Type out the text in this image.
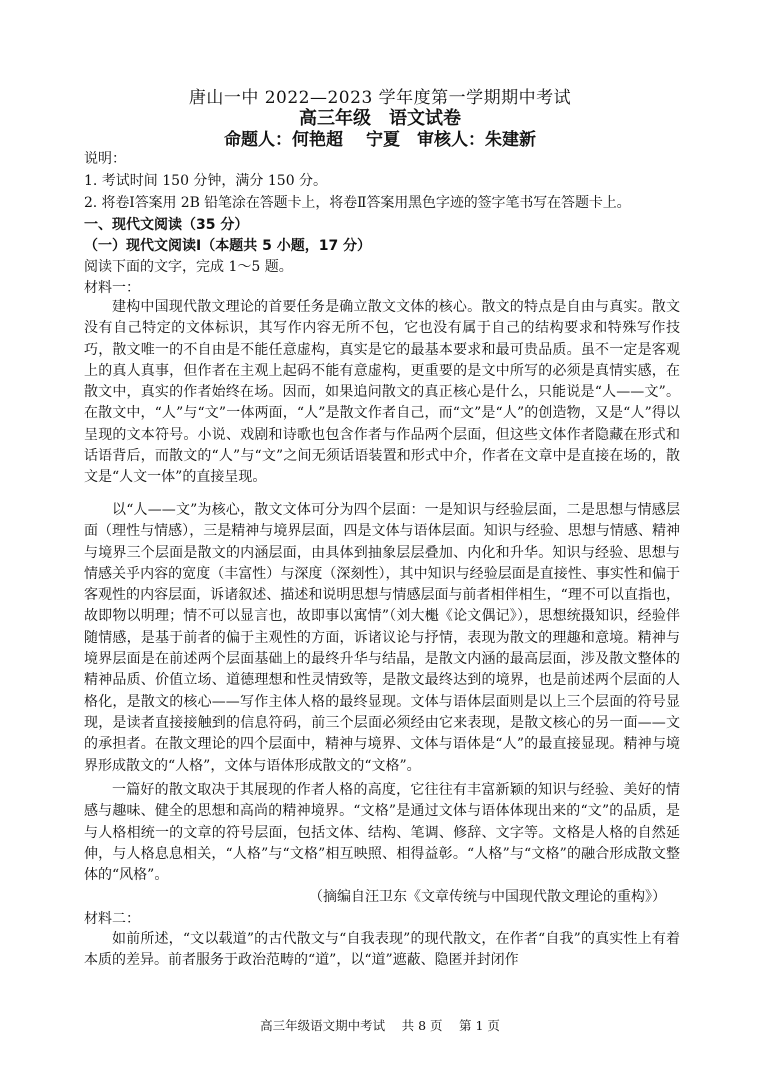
唐山一中 2022—2023 学年度第一学期期中考试
高三年级　语文试卷
命题人：何艳超　 宁夏　审核人：朱建新
说明：
1. 考试时间 150 分钟，满分 150 分。
2. 将卷Ⅰ答案用 2B 铅笔涂在答题卡上，将卷Ⅱ答案用黑色字迹的签字笔书写在答题卡上。
一、现代文阅读（35 分）
（一）现代文阅读Ⅰ（本题共 5 小题，17 分）
阅读下面的文字，完成 1～5 题。
材料一：

建构中国现代散文理论的首要任务是确立散文文体的核心。散文的特点是自由与真实。散文没有自己特定的文体标识，其写作内容无所不包，它也没有属于自己的结构要求和特殊写作技巧，散文唯一的不自由是不能任意虚构，真实是它的最基本要求和最可贵品质。虽不一定是客观上的真人真事，但作者在主观上起码不能有意虚构，更重要的是文中所写的必须是真情实感，在散文中，真实的作者始终在场。因而，如果追问散文的真正核心是什么，只能说是“人——文”。在散文中，“人”与“文”一体两面，“人”是散文作者自己，而“文”是“人”的创造物，又是“人”得以呈现的文本符号。小说、戏剧和诗歌也包含作者与作品两个层面，但这些文体作者隐藏在形式和话语背后，而散文的“人”与“文”之间无须话语装置和形式中介，作者在文章中是直接在场的，散文是“人文一体”的直接呈现。

以“人——文”为核心，散文文体可分为四个层面：一是知识与经验层面，二是思想与情感层面（理性与情感），三是精神与境界层面，四是文体与语体层面。知识与经验、思想与情感、精神与境界三个层面是散文的内涵层面，由具体到抽象层层叠加、内化和升华。知识与经验、思想与情感关乎内容的宽度（丰富性）与深度（深刻性），其中知识与经验层面是直接性、事实性和偏于客观性的内容层面，诉诸叙述、描述和说明思想与情感层面与前者相伴相生，“理不可以直指也，故即物以明理；情不可以显言也，故即事以寓情”（刘大櫆《论文偶记》），思想统摄知识，经验伴随情感，是基于前者的偏于主观性的方面，诉诸议论与抒情，表现为散文的理趣和意境。精神与境界层面是在前述两个层面基础上的最终升华与结晶，是散文内涵的最高层面，涉及散文整体的精神品质、价值立场、道德理想和性灵情致等，是散文最终达到的境界，也是前述两个层面的人格化，是散文的核心——写作主体人格的最终显现。文体与语体层面则是以上三个层面的符号显现，是读者直接接触到的信息符码，前三个层面必须经由它来表现，是散文核心的另一面——文的承担者。在散文理论的四个层面中，精神与境界、文体与语体是“人”的最直接显现。精神与境界形成散文的“人格”，文体与语体形成散文的“文格”。

一篇好的散文取决于其展现的作者人格的高度，它往往有丰富新颖的知识与经验、美好的情感与趣味、健全的思想和高尚的精神境界。“文格”是通过文体与语体体现出来的“文”的品质，是与人格相统一的文章的符号层面，包括文体、结构、笔调、修辞、文字等。文格是人格的自然延伸，与人格息息相关，“人格”与“文格”相互映照、相得益彰。“人格”与“文格”的融合形成散文整体的“风格”。

（摘编自汪卫东《文章传统与中国现代散文理论的重构》）
材料二：

如前所述，“文以载道”的古代散文与“自我表现”的现代散文，在作者“自我”的真实性上有着本质的差异。前者服务于政治范畴的“道”，以“道”遮蔽、隐匿并封闭作

高三年级语文期中考试　 共 8 页　 第 1 页
